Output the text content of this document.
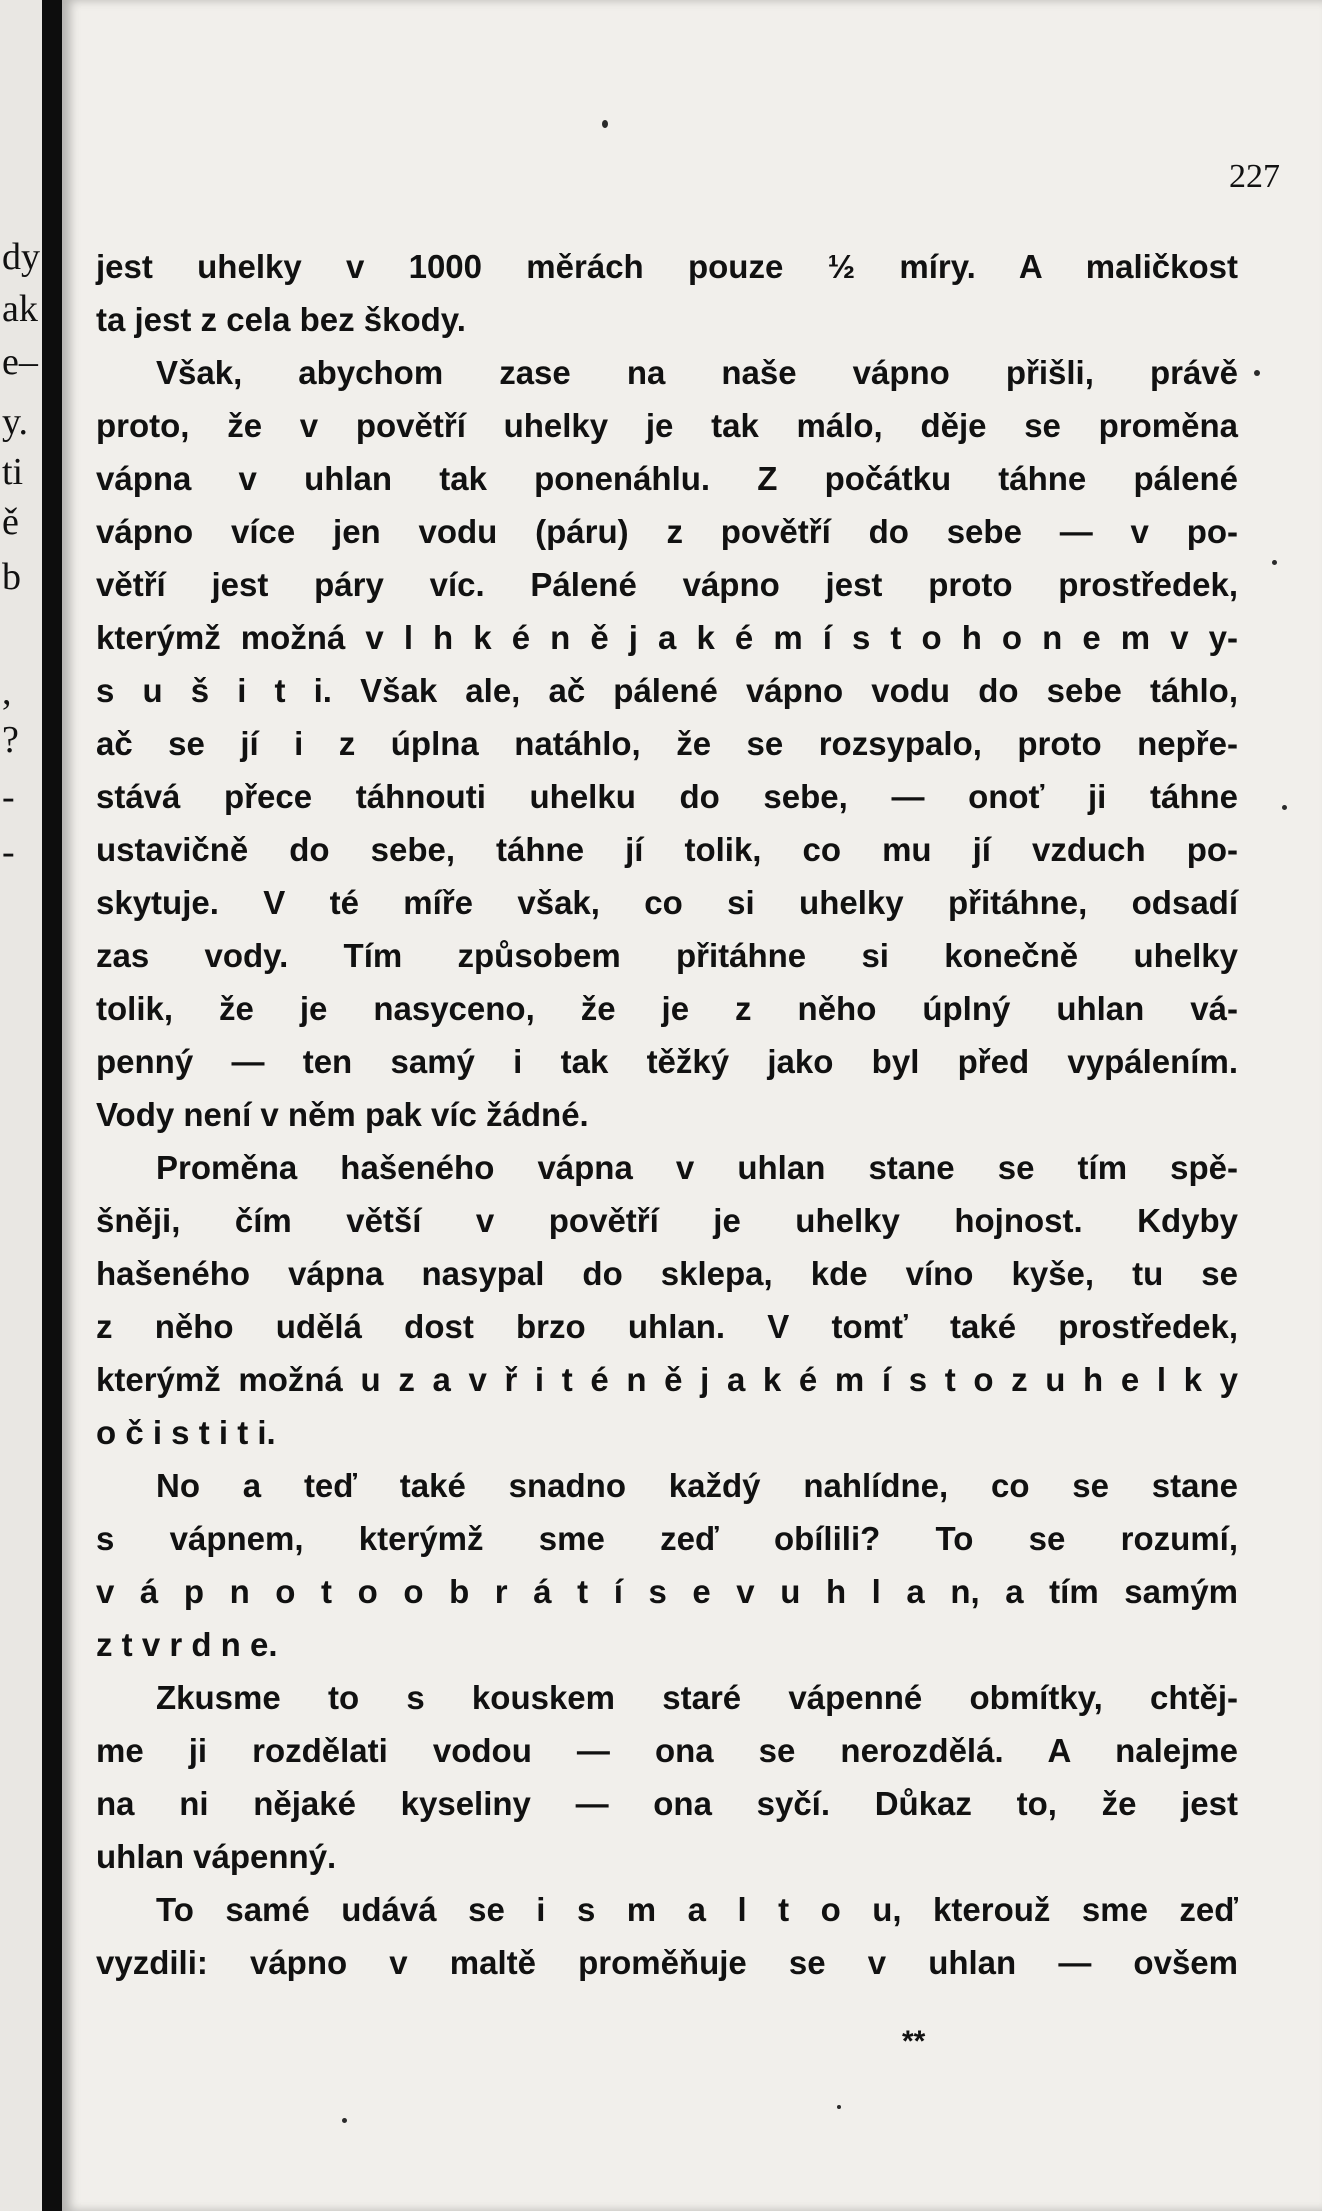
dy
ak
e–
y.
ti
ě
b
,
?
-
-
227
jest uhelky v 1000 měrách pouze ½ míry. A maličkost
ta jest z cela bez škody.
Však, abychom zase na naše vápno přišli, právě
proto, že v povětří uhelky je tak málo, děje se proměna
vápna v uhlan tak ponenáhlu. Z počátku táhne pálené
vápno více jen vodu (páru) z povětří do sebe — v po-
větří jest páry víc. Pálené vápno jest proto prostředek,
kterýmž možná v l h k é n ě j a k é m í s t o h o n e m v y-
s u š i t i. Však ale, ač pálené vápno vodu do sebe táhlo,
ač se jí i z úplna natáhlo, že se rozsypalo, proto nepře-
stává přece táhnouti uhelku do sebe, — onoť ji táhne
ustavičně do sebe, táhne jí tolik, co mu jí vzduch po-
skytuje. V té míře však, co si uhelky přitáhne, odsadí
zas vody. Tím způsobem přitáhne si konečně uhelky
tolik, že je nasyceno, že je z něho úplný uhlan vá-
penný — ten samý i tak těžký jako byl před vypálením.
Vody není v něm pak víc žádné.
Proměna hašeného vápna v uhlan stane se tím spě-
šněji, čím větší v povětří je uhelky hojnost. Kdyby
hašeného vápna nasypal do sklepa, kde víno kyše, tu se
z něho udělá dost brzo uhlan. V tomť také prostředek,
kterýmž možná u z a v ř i t é n ě j a k é m í s t o z u h e l k y
o č i s t i t i.
No a teď také snadno každý nahlídne, co se stane
s vápnem, kterýmž sme zeď obílili? To se rozumí,
v á p n o t o o b r á t í s e v u h l a n, a tím samým
z t v r d n e.
Zkusme to s kouskem staré vápenné obmítky, chtěj-
me ji rozdělati vodou — ona se nerozdělá. A nalejme
na ni nějaké kyseliny — ona syčí. Důkaz to, že jest
uhlan vápenný.
To samé udává se i s m a l t o u, kterouž sme zeď
vyzdili: vápno v maltě proměňuje se v uhlan — ovšem
**
